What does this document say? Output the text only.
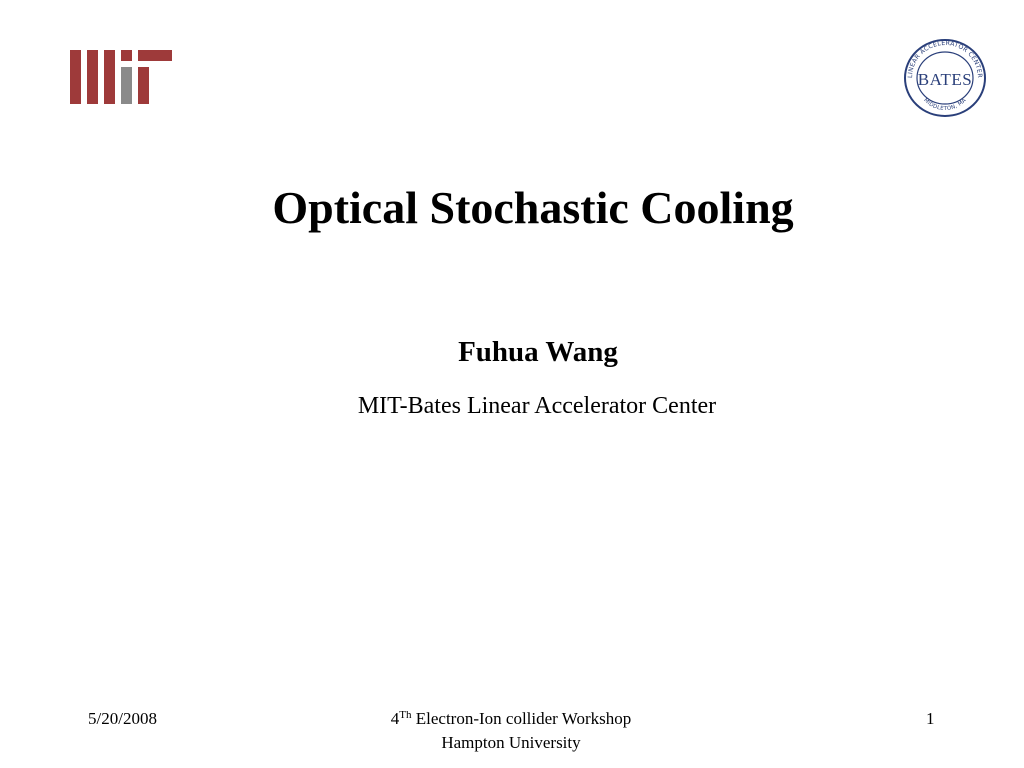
LINEAR ACCELERATOR CENTER
MIDDLETON, MA
BATES
Optical Stochastic Cooling
Fuhua Wang
MIT-Bates Linear Accelerator Center
5/20/2008	4Th Electron-Ion collider Workshop
Hampton University
1
